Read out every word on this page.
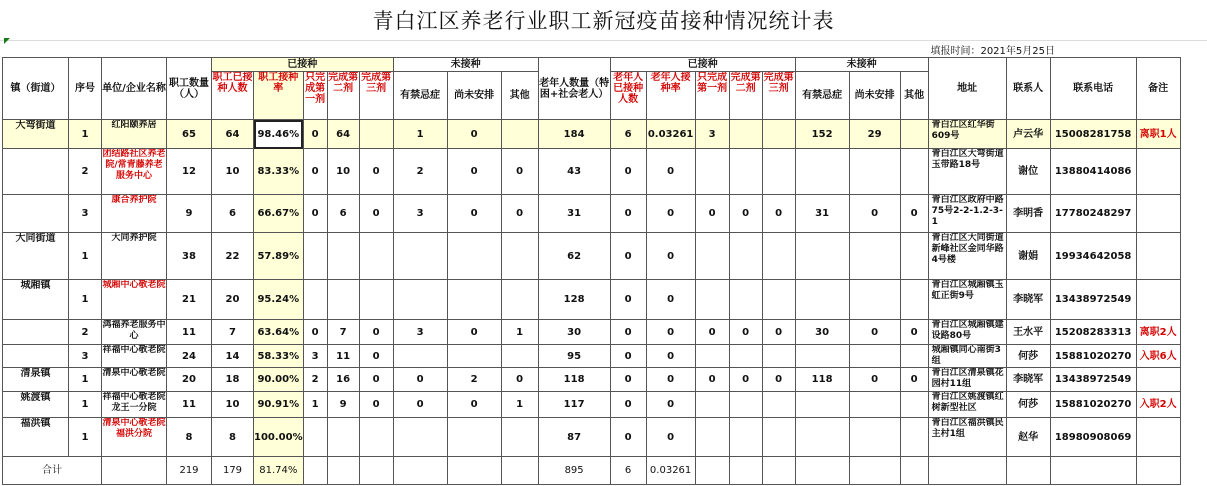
青白江区养老行业职工新冠疫苗接种情况统计表
填报时间：2021年5月25日
镇（街道）	序号	单位/企业名称	职工数量（人）	已接种					未接种			老年人数量（特困+社会老人）	已接种					未接种			地址	联系人	联系电话	备注
				职工已接种人数	职工接种率	只完成第一剂	完成第二剂	完成第三剂	有禁忌症	尚未安排	其他		老年人已接种人数	老年人接种率	只完成第一剂	完成第二剂	完成第三剂	有禁忌症	尚未安排	其他				
大弯街道	1	红阳颐养居	65	64	98.46%	0	64		1	0		184	6	0.03261	3			152	29		青白江区红华街609号	卢云华	15008281758	离职1人
	2	团结路社区养老院/常青藤养老服务中心	12	10	83.33%	0	10	0	2	0	0	43	0	0							青白江区大弯街道玉带路18号	谢位	13880414086	
	3	康合养护院	9	6	66.67%	0	6	0	3	0	0	31	0	0	0	0	0	31	0	0	青白江区政府中路75号2-2-1.2-3-1	李明香	17780248297	
大同街道	1	大同养护院	38	22	57.89%							62	0	0							青白江区大同街道新峰社区金同华路4号楼	谢娟	19934642058	
城厢镇	1	城厢中心敬老院	21	20	95.24%							128	0	0							青白江区城厢镇玉虹正街9号	李晓军	13438972549	
	2	鸿福养老服务中心	11	7	63.64%	0	7	0	3	0	1	30	0	0	0	0	0	30	0	0	青白江区城厢镇建设路80号	王水平	15208283313	离职2人
	3	祥福中心敬老院	24	14	58.33%	3	11	0				95	0	0							城厢镇同心南街3组	何莎	15881020270	入职6人
清泉镇	1	清泉中心敬老院	20	18	90.00%	2	16	0	0	2	0	118	0	0	0	0	0	118	0	0	青白江区清泉镇花园村11组	李晓军	13438972549	
姚渡镇	1	祥福中心敬老院龙王一分院	11	10	90.91%	1	9	0	0	0	1	117	0	0							青白江区姚渡镇红树新型社区	何莎	15881020270	入职2人
福洪镇	1	清泉中心敬老院福洪分院	8	8	100.00%							87	0	0							青白江区福洪镇民主村1组	赵华	18980908069	
合计			219	179	81.74%							895	6	0.03261										
